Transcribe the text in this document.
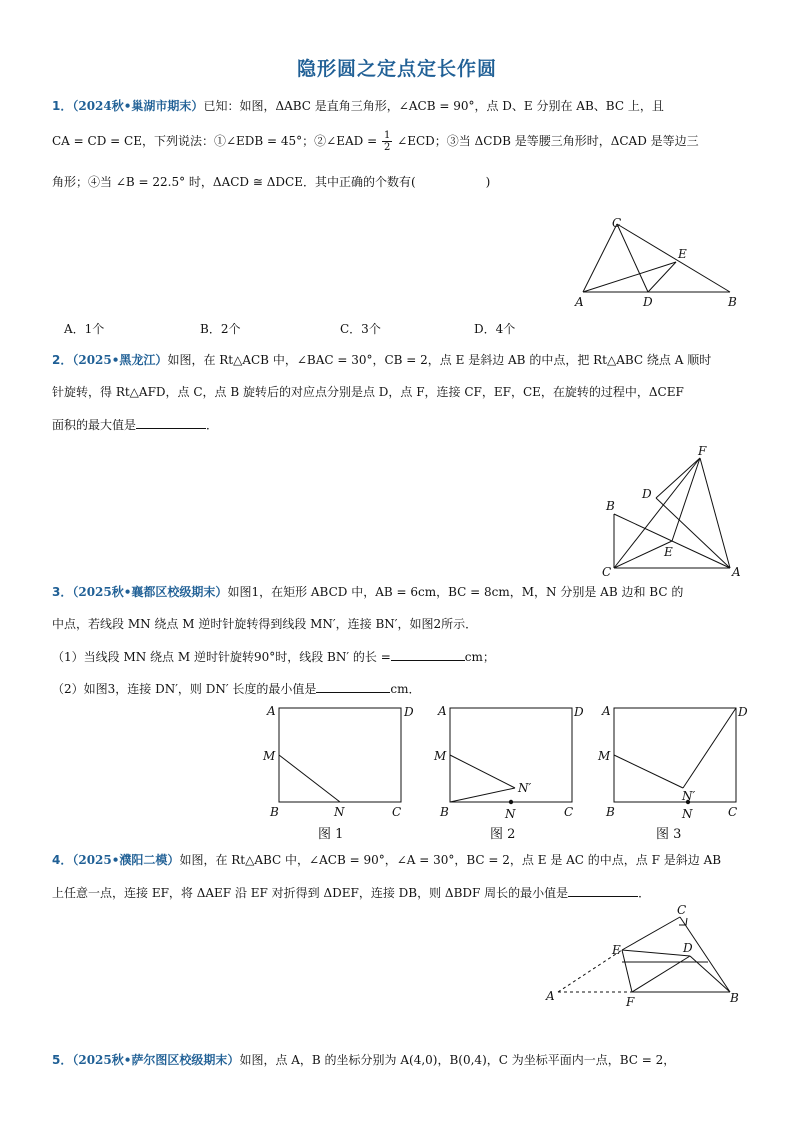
隐形圆之定点定长作圆
1．（2024秋•巢湖市期末）已知：如图，ΔABC 是直角三角形，∠ACB = 90°，点 D、E 分别在 AB、BC 上，且
CA = CD = CE，下列说法：①∠EDB = 45°；②∠EAD = $\frac{1}{2}$ ∠ECD；③当 ΔCDB 是等腰三角形时，ΔCAD 是等边三
角形；④当 ∠B = 22.5° 时，ΔACD ≅ ΔDCE．其中正确的个数有(	)
C
E
A	D	B
A．1个	B．2个	C．3个	D．4个
2．（2025•黑龙江）如图，在 Rt△ACB 中，∠BAC = 30°，CB = 2，点 E 是斜边 AB 的中点，把 Rt△ABC 绕点 A 顺时
针旋转，得 Rt△AFD，点 C，点 B 旋转后的对应点分别是点 D，点 F，连接 CF，EF，CE，在旋转的过程中，ΔCEF
面积的最大值是	．
F
D
B
E
C	A
3．（2025秋•襄都区校级期末）如图1，在矩形 ABCD 中，AB = 6cm，BC = 8cm，M，N 分别是 AB 边和 BC 的
中点，若线段 MN 绕点 M 逆时针旋转得到线段 MN′，连接 BN′，如图2所示．
（1）当线段 MN 绕点 M 逆时针旋转90°时，线段 BN′ 的长 =	cm；
（2）如图3，连接 DN′，则 DN′ 长度的最小值是	cm．
A	D
M
B	N	C
图 1
A	D
M
N′
B	N	C
图 2
A	D
M
N′
B	N	C
图 3
4．（2025•濮阳二模）如图，在 Rt△ABC 中，∠ACB = 90°，∠A = 30°，BC = 2，点 E 是 AC 的中点，点 F 是斜边 AB
上任意一点，连接 EF，将 ΔAEF 沿 EF 对折得到 ΔDEF，连接 DB，则 ΔBDF 周长的最小值是	．
C
E	D
A	F	B
5．（2025秋•萨尔图区校级期末）如图，点 A，B 的坐标分别为 A(4,0)，B(0,4)，C 为坐标平面内一点，BC = 2，
